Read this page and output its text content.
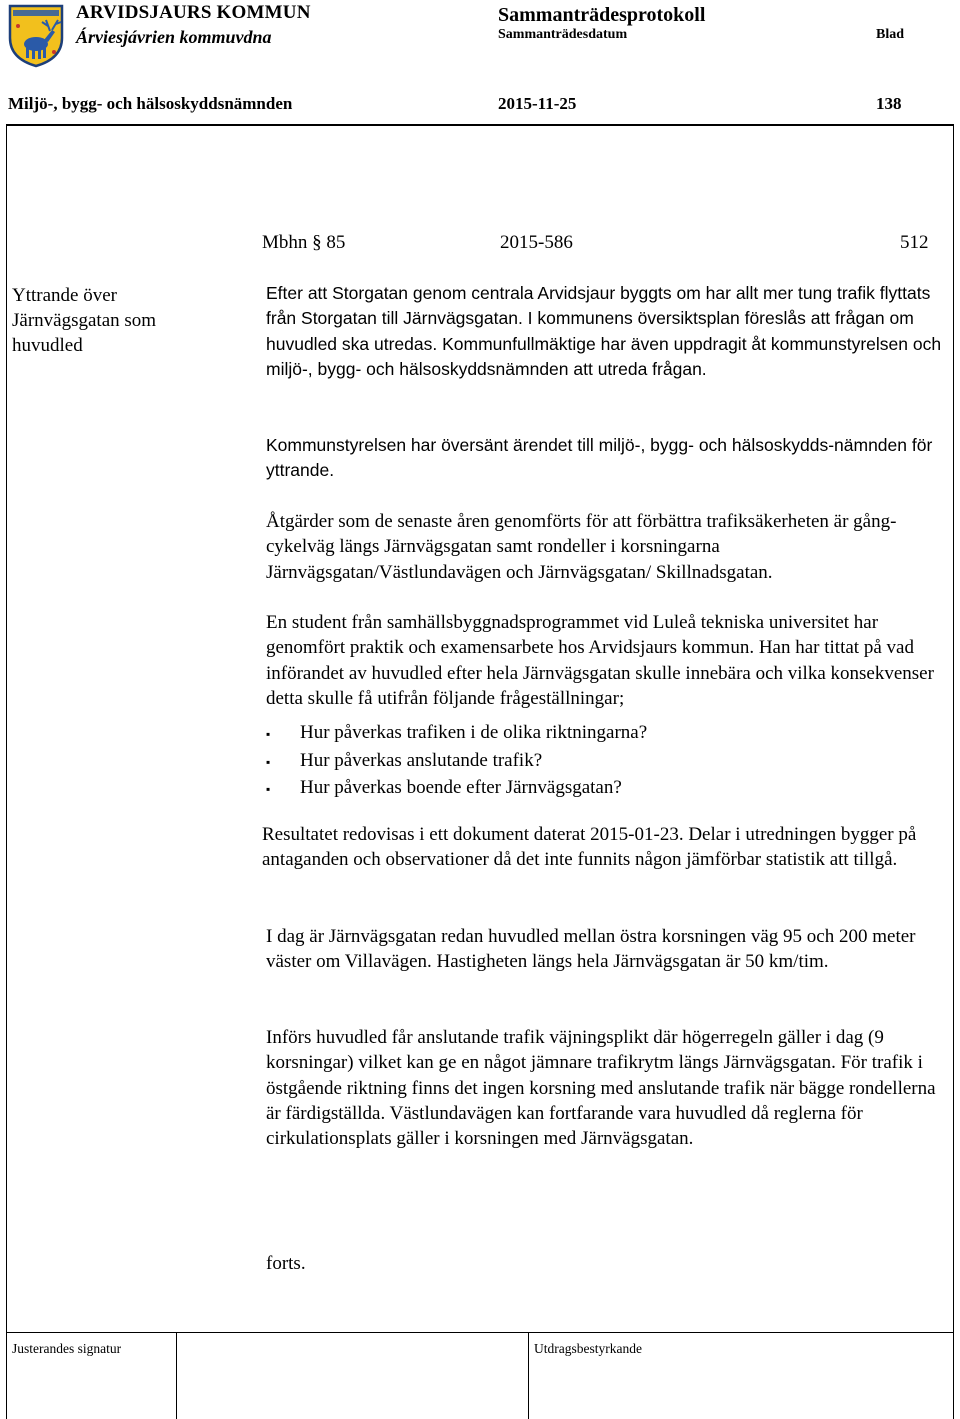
ARVIDSJAURS KOMMUN
Árviesjávrien kommuvdna
Sammanträdesprotokoll
Sammanträdesdatum	Blad
Miljö-, bygg- och hälsoskyddsnämnden	2015-11-25	138
Mbhn § 85	2015-586	512
Yttrande över
Järnvägsgatan som
huvudled
Efter att Storgatan genom centrala Arvidsjaur byggts om har allt mer tung trafik flyttats från Storgatan till Järnvägsgatan. I kommunens översiktsplan föreslås att frågan om huvudled ska utredas. Kommunfullmäktige har även uppdragit åt kommunstyrelsen och miljö-, bygg- och hälsoskyddsnämnden att utreda frågan.
Kommunstyrelsen har översänt ärendet till miljö-, bygg- och hälsoskydds-nämnden för yttrande.
Åtgärder som de senaste åren genomförts för att förbättra trafiksäkerheten är gång-cykelväg längs Järnvägsgatan samt rondeller i korsningarna Järnvägsgatan/Västlundavägen och Järnvägsgatan/ Skillnadsgatan.
En student från samhällsbyggnadsprogrammet vid Luleå tekniska universitet har genomfört praktik och examensarbete hos Arvidsjaurs kommun. Han har tittat på vad införandet av huvudled efter hela Järnvägsgatan skulle innebära och vilka konsekvenser detta skulle få utifrån följande frågeställningar;
▪	Hur påverkas trafiken i de olika riktningarna?
▪	Hur påverkas anslutande trafik?
▪	Hur påverkas boende efter Järnvägsgatan?
Resultatet redovisas i ett dokument daterat 2015-01-23. Delar i utredningen bygger på antaganden och observationer då det inte funnits någon jämförbar statistik att tillgå.
I dag är Järnvägsgatan redan huvudled mellan östra korsningen väg 95 och 200 meter väster om Villavägen. Hastigheten längs hela Järnvägsgatan är 50 km/tim.
Införs huvudled får anslutande trafik väjningsplikt där högerregeln gäller i dag (9 korsningar) vilket kan ge en något jämnare trafikrytm längs Järnvägsgatan. För trafik i östgående riktning finns det ingen korsning med anslutande trafik när bägge rondellerna är färdigställda. Västlundavägen kan fortfarande vara huvudled då reglerna för cirkulationsplats gäller i korsningen med Järnvägsgatan.
forts.
Justerandes signatur	Utdragsbestyrkande
